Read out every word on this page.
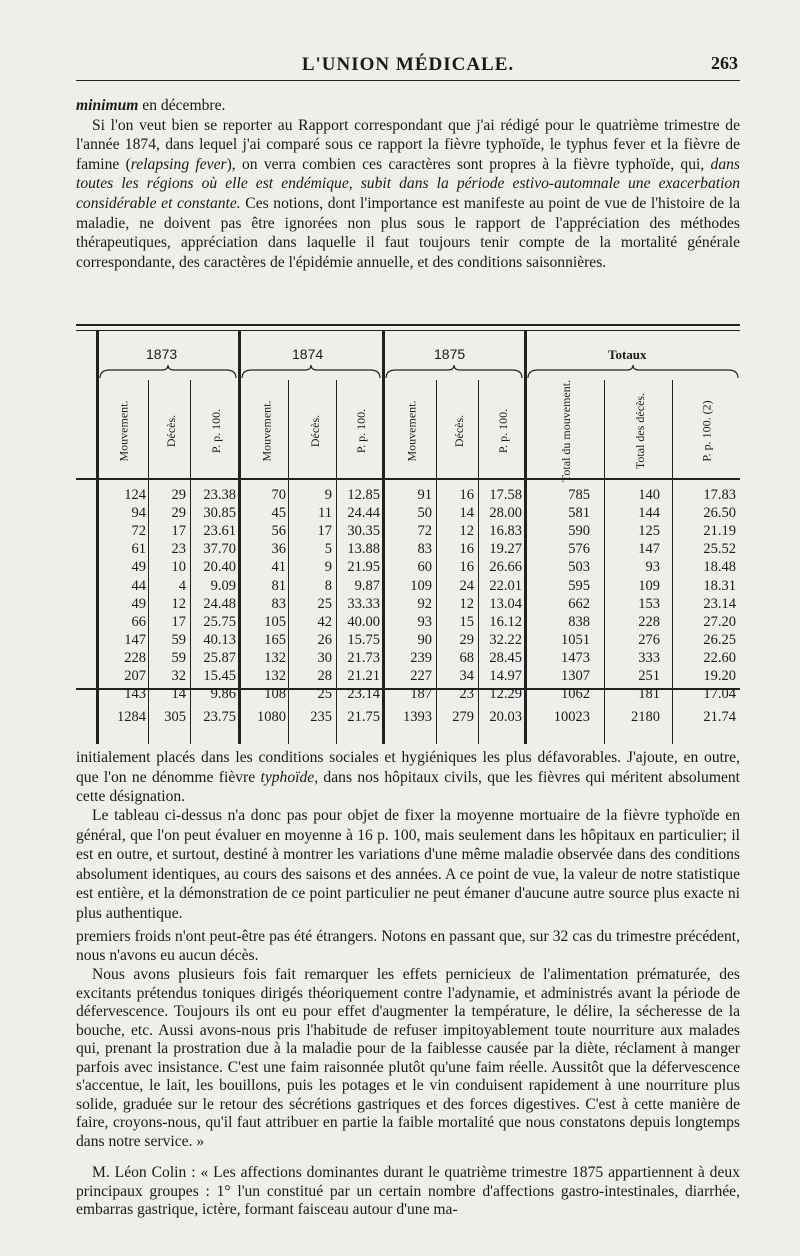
L'UNION MÉDICALE.	263

minimum en décembre.
Si l'on veut bien se reporter au Rapport correspondant que j'ai rédigé pour le quatrième trimestre de l'année 1874, dans lequel j'ai comparé sous ce rapport la fièvre typhoïde, le typhus fever et la fièvre de famine (relapsing fever), on verra combien ces caractères sont propres à la fièvre typhoïde, qui, dans toutes les régions où elle est endémique, subit dans la période estivo-automnale une exacerbation considérable et constante. Ces notions, dont l'importance est manifeste au point de vue de l'histoire de la maladie, ne doivent pas être ignorées non plus sous le rapport de l'appréciation des méthodes thérapeutiques, appréciation dans laquelle il faut toujours tenir compte de la mortalité générale correspondante, des caractères de l'épidémie annuelle, et des conditions saisonnières.

1873	1874	1875	Totaux
Mouvement.	Décès.	P. p. 100.	Mouvement.	Décès.	P. p. 100.	Mouvement.	Décès.	P. p. 100.	Total du mouvement.	Total des décès.	P. p. 100. (2)
124	29	23.38	70	9	12.85	91	16	17.58	785	140	17.83
94	29	30.85	45	11	24.44	50	14	28.00	581	144	26.50
72	17	23.61	56	17	30.35	72	12	16.83	590	125	21.19
61	23	37.70	36	5	13.88	83	16	19.27	576	147	25.52
49	10	20.40	41	9	21.95	60	16	26.66	503	93	18.48
44	4	9.09	81	8	9.87	109	24	22.01	595	109	18.31
49	12	24.48	83	25	33.33	92	12	13.04	662	153	23.14
66	17	25.75	105	42	40.00	93	15	16.12	838	228	27.20
147	59	40.13	165	26	15.75	90	29	32.22	1051	276	26.25
228	59	25.87	132	30	21.73	239	68	28.45	1473	333	22.60
207	32	15.45	132	28	21.21	227	34	14.97	1307	251	19.20
143	14	9.86	108	25	23.14	187	23	12.29	1062	181	17.04
1284	305	23.75	1080	235	21.75	1393	279	20.03	10023	2180	21.74

initialement placés dans les conditions sociales et hygiéniques les plus défavorables. J'ajoute, en outre, que l'on ne dénomme fièvre typhoïde, dans nos hôpitaux civils, que les fièvres qui méritent absolument cette désignation.

Le tableau ci-dessus n'a donc pas pour objet de fixer la moyenne mortuaire de la fièvre typhoïde en général, que l'on peut évaluer en moyenne à 16 p. 100, mais seulement dans les hôpitaux en particulier; il est en outre, et surtout, destiné à montrer les variations d'une même maladie observée dans des conditions absolument identiques, au cours des saisons et des années. A ce point de vue, la valeur de notre statistique est entière, et la démonstration de ce point particulier ne peut émaner d'aucune autre source plus exacte ni plus authentique.

premiers froids n'ont peut-être pas été étrangers. Notons en passant que, sur 32 cas du trimestre précédent, nous n'avons eu aucun décès.

Nous avons plusieurs fois fait remarquer les effets pernicieux de l'alimentation prématurée, des excitants prétendus toniques dirigés théoriquement contre l'adynamie, et administrés avant la période de défervescence. Toujours ils ont eu pour effet d'augmenter la température, le délire, la sécheresse de la bouche, etc. Aussi avons-nous pris l'habitude de refuser impitoyablement toute nourriture aux malades qui, prenant la prostration due à la maladie pour de la faiblesse causée par la diète, réclament à manger parfois avec insistance. C'est une faim raisonnée plutôt qu'une faim réelle. Aussitôt que la défervescence s'accentue, le lait, les bouillons, puis les potages et le vin conduisent rapidement à une nourriture plus solide, graduée sur le retour des sécrétions gastriques et des forces digestives. C'est à cette manière de faire, croyons-nous, qu'il faut attribuer en partie la faible mortalité que nous constatons depuis longtemps dans notre service. »

M. Léon Colin : « Les affections dominantes durant le quatrième trimestre 1875 appartiennent à deux principaux groupes : 1° l'un constitué par un certain nombre d'affections gastro-intestinales, diarrhée, embarras gastrique, ictère, formant faisceau autour d'une ma-
